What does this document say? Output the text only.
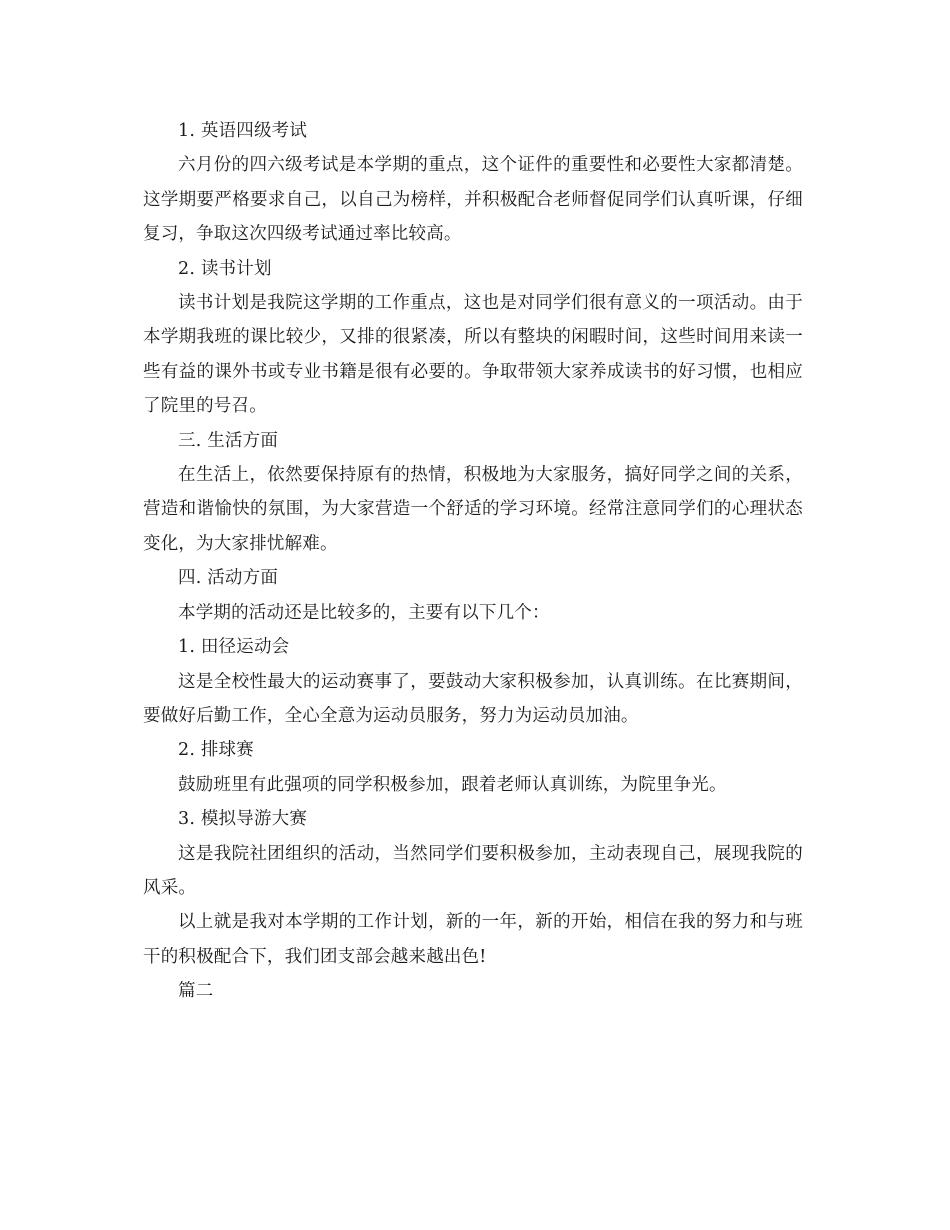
1. 英语四级考试

六月份的四六级考试是本学期的重点，这个证件的重要性和必要性大家都清楚。这学期要严格要求自己，以自己为榜样，并积极配合老师督促同学们认真听课，仔细复习，争取这次四级考试通过率比较高。

2. 读书计划

读书计划是我院这学期的工作重点，这也是对同学们很有意义的一项活动。由于本学期我班的课比较少，又排的很紧凑，所以有整块的闲暇时间，这些时间用来读一些有益的课外书或专业书籍是很有必要的。争取带领大家养成读书的好习惯，也相应了院里的号召。

三. 生活方面

在生活上，依然要保持原有的热情，积极地为大家服务，搞好同学之间的关系，营造和谐愉快的氛围，为大家营造一个舒适的学习环境。经常注意同学们的心理状态变化，为大家排忧解难。

四. 活动方面

本学期的活动还是比较多的，主要有以下几个：

1. 田径运动会

这是全校性最大的运动赛事了，要鼓动大家积极参加，认真训练。在比赛期间，要做好后勤工作，全心全意为运动员服务，努力为运动员加油。

2. 排球赛

鼓励班里有此强项的同学积极参加，跟着老师认真训练，为院里争光。

3. 模拟导游大赛

这是我院社团组织的活动，当然同学们要积极参加，主动表现自己，展现我院的风采。

以上就是我对本学期的工作计划，新的一年，新的开始，相信在我的努力和与班干的积极配合下，我们团支部会越来越出色!

篇二
